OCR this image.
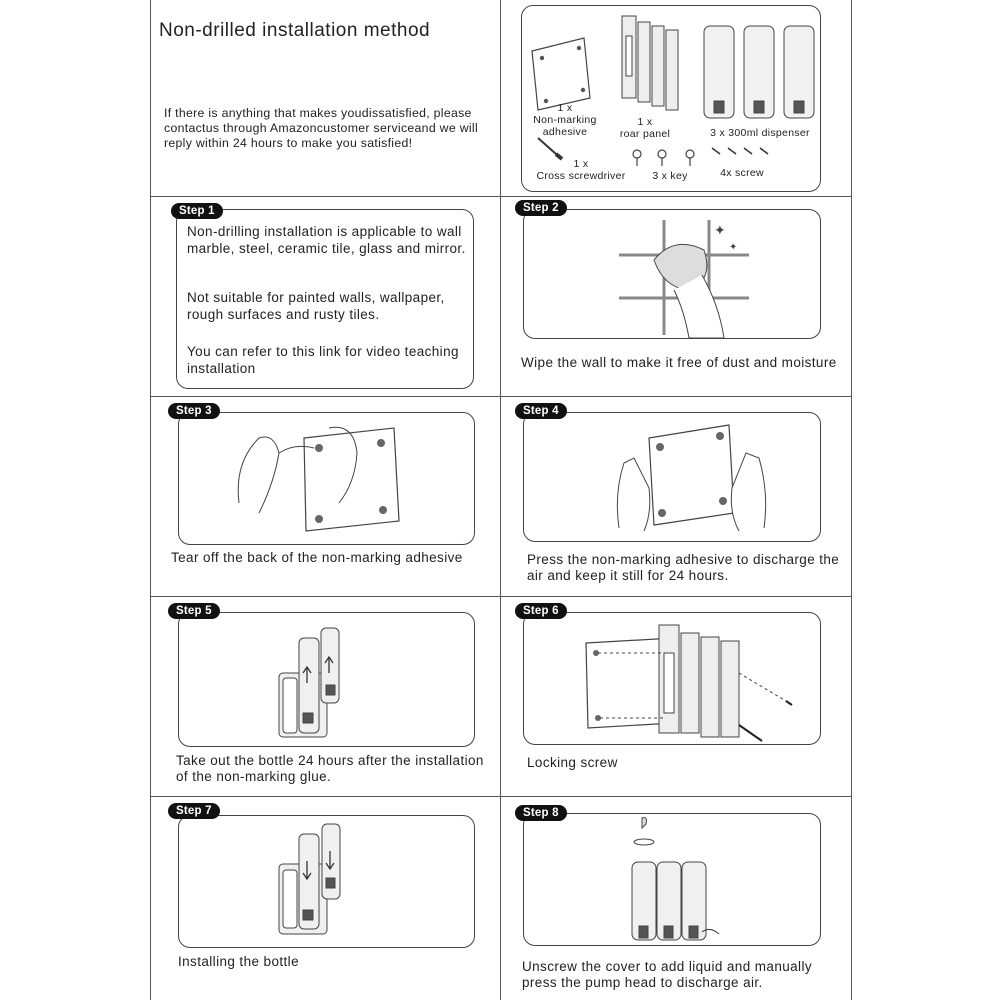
Non-drilled installation method
If there is anything that makes youdissatisfied, please contactus through Amazoncustomer serviceand we will reply within 24 hours to make you satisfied!
1 x
Non-marking
adhesive
1 x
roar panel	3 x 300ml dispenser
1 x
Cross screwdriver	3 x key	4x screw
Non-drilling installation is applicable to wall marble, steel, ceramic tile, glass and mirror.
Not suitable for painted walls, wallpaper, rough surfaces and rusty tiles.
You can refer to this link for video teaching installation
Step 1
✦
✦
Step 2
Wipe the wall to make it free of dust and moisture
Step 3
Tear off the back of the non-marking adhesive
Step 4
Press the non-marking adhesive to discharge the air and keep it still for 24 hours.
Step 5
Take out the bottle 24 hours after the installation of the non-marking glue.
Step 6
Locking screw
Step 7
Installing the bottle
Step 8
Unscrew the cover to add liquid and manually press the pump head to discharge air.
